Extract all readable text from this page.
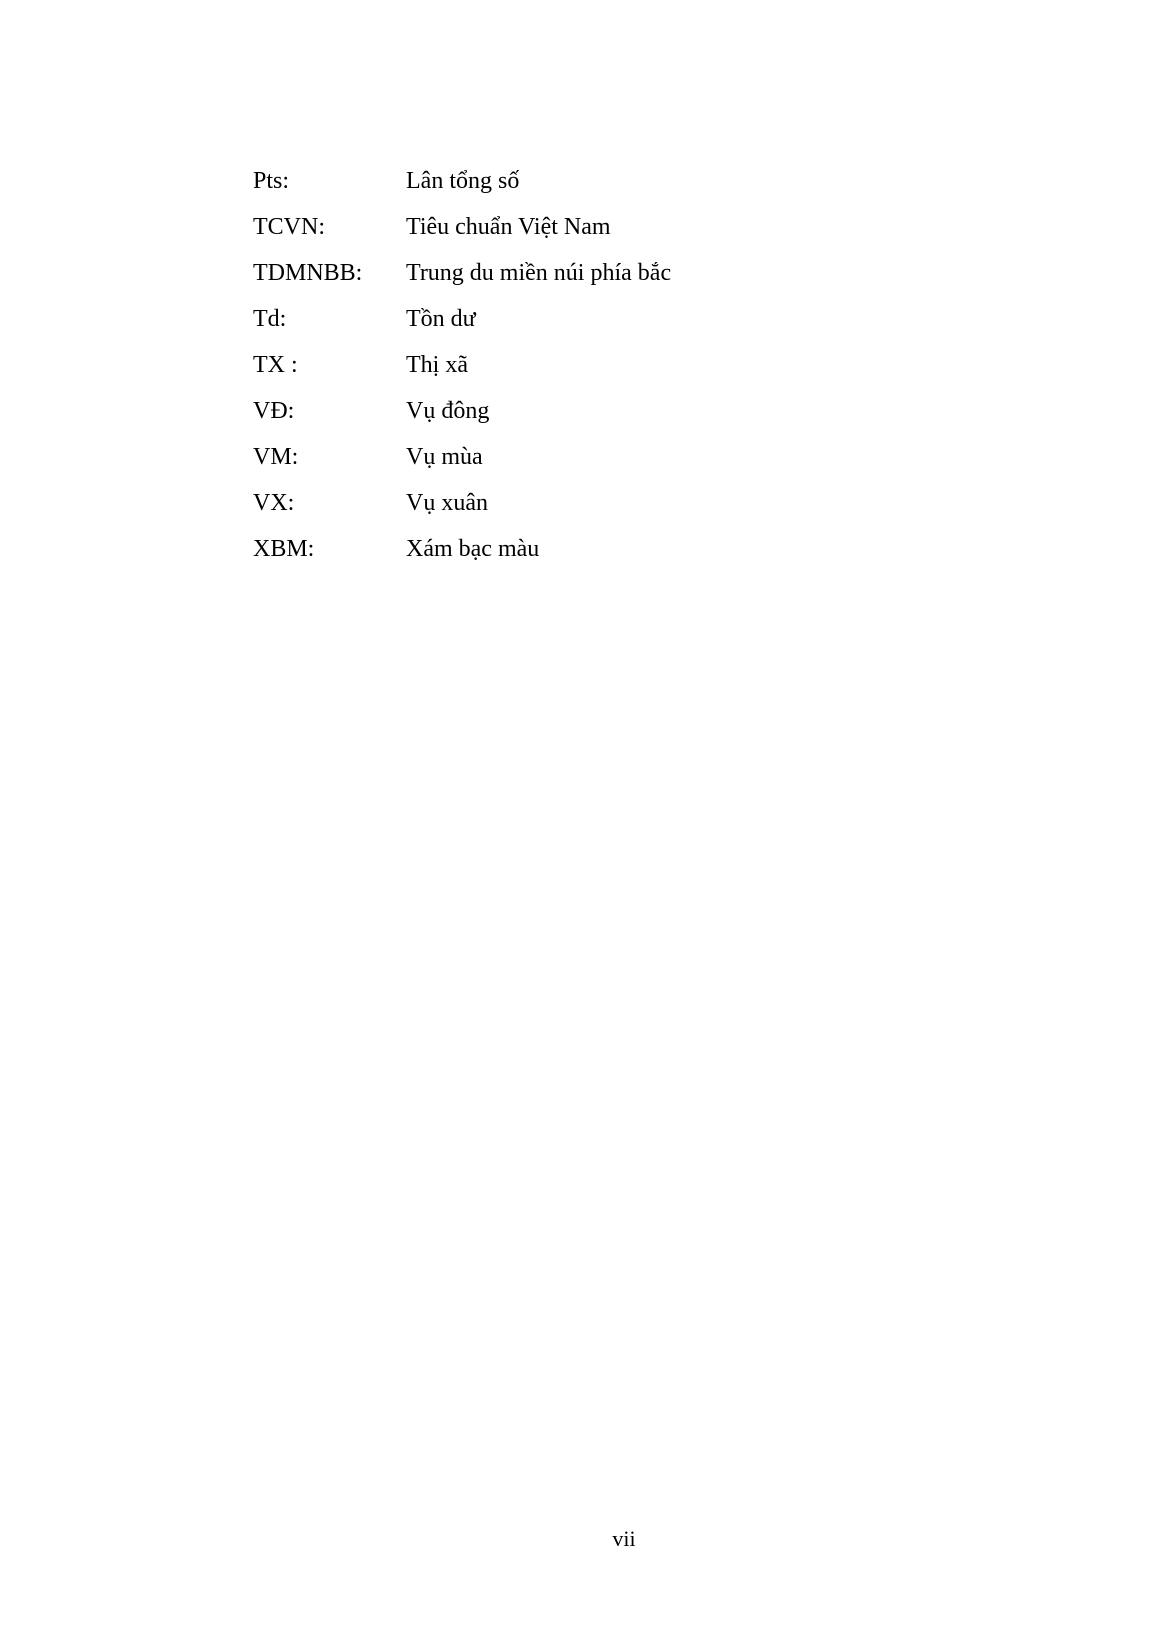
Pts:	Lân tổng số
TCVN:	Tiêu chuẩn Việt Nam
TDMNBB:	Trung du miền núi phía bắc
Td:	Tồn dư
TX :	Thị xã
VĐ:	Vụ đông
VM:	Vụ mùa
VX:	Vụ xuân
XBM:	Xám bạc màu
vii
